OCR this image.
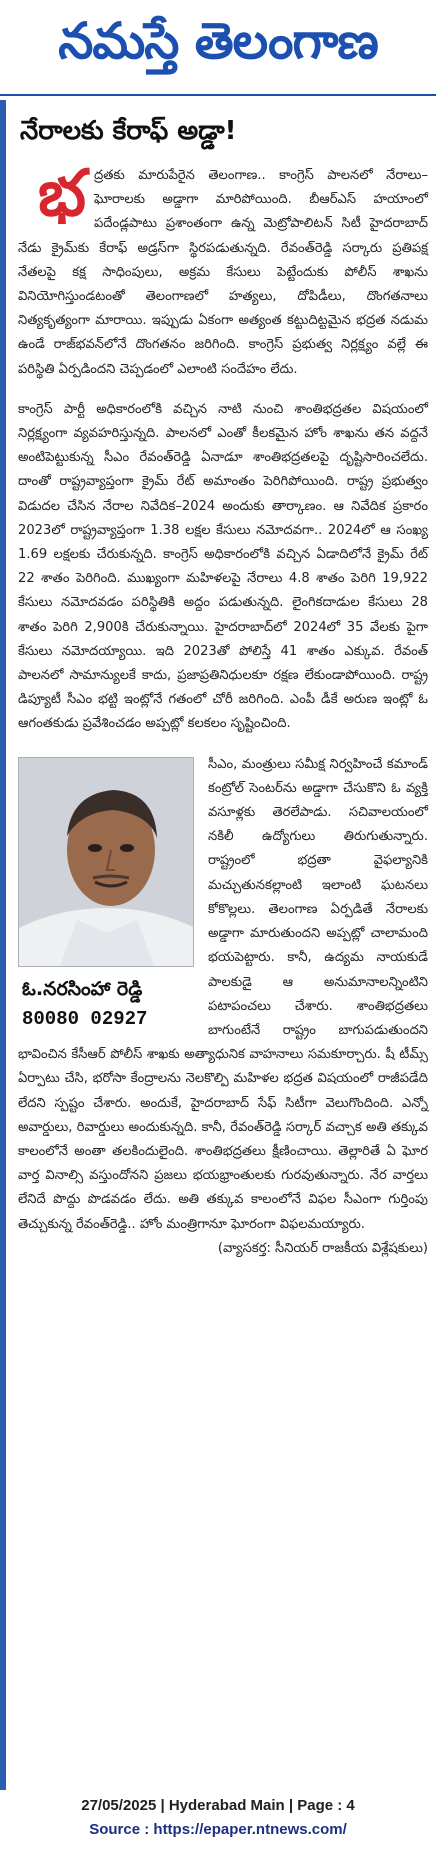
నమస్తే తెలంగాణ
నేరాలకు కేరాఫ్ అడ్డా!

భద్రతకు మారుపేరైన తెలంగాణ.. కాంగ్రెస్ పాలనలో నేరాలు–ఘోరాలకు అడ్డాగా మారిపోయింది. బీఆర్ఎస్ హయాంలో పదేండ్లపాటు ప్రశాంతంగా ఉన్న మెట్రోపాలిటన్ సిటీ హైదరాబాద్ నేడు క్రైమ్‌కు కేరాఫ్ అడ్రస్‌గా స్థిరపడుతున్నది. రేవంత్‌రెడ్డి సర్కారు ప్రతిపక్ష నేతలపై కక్ష సాధింపులు, అక్రమ కేసులు పెట్టేందుకు పోలీస్ శాఖను వినియోగిస్తుండటంతో తెలంగాణలో హత్యలు, దోపిడీలు, దొంగతనాలు నిత్యకృత్యంగా మారాయి. ఇప్పుడు ఏకంగా అత్యంత కట్టుదిట్టమైన భద్రత నడుమ ఉండే రాజ్‌భవన్‌లోనే దొంగతనం జరిగింది. కాంగ్రెస్ ప్రభుత్వ నిర్లక్ష్యం వల్లే ఈ పరిస్థితి ఏర్పడిందని చెప్పడంలో ఎలాంటి సందేహం లేదు.

కాంగ్రెస్ పార్టీ అధికారంలోకి వచ్చిన నాటి నుంచి శాంతిభద్రతల విషయంలో నిర్లక్ష్యంగా వ్యవహరిస్తున్నది. పాలనలో ఎంతో కీలకమైన హోం శాఖను తన వద్దనే అంటిపెట్టుకున్న సీఎం రేవంత్‌రెడ్డి ఏనాడూ శాంతిభద్రతలపై దృష్టిసారించలేదు. దాంతో రాష్ట్రవ్యాప్తంగా క్రైమ్ రేట్ అమాంతం పెరిగిపోయింది. రాష్ట్ర ప్రభుత్వం విడుదల చేసిన నేరాల నివేదిక–2024 అందుకు తార్కాణం. ఆ నివేదిక ప్రకారం 2023లో రాష్ట్రవ్యాప్తంగా 1.38 లక్షల కేసులు నమోదవగా.. 2024లో ఆ సంఖ్య 1.69 లక్షలకు చేరుకున్నది. కాంగ్రెస్ అధికారంలోకి వచ్చిన ఏడాదిలోనే క్రైమ్ రేట్ 22 శాతం పెరిగింది. ముఖ్యంగా మహిళలపై నేరాలు 4.8 శాతం పెరిగి 19,922 కేసులు నమోదవడం పరిస్థితికి అద్దం పడుతున్నది. లైంగికదాడుల కేసులు 28 శాతం పెరిగి 2,900కి చేరుకున్నాయి. హైదరాబాద్‌లో 2024లో 35 వేలకు పైగా కేసులు నమోదయ్యాయి. ఇది 2023తో పోలిస్తే 41 శాతం ఎక్కువ. రేవంత్ పాలనలో సామాన్యులకే కాదు, ప్రజాప్రతినిధులకూ రక్షణ లేకుండాపోయింది. రాష్ట్ర డిప్యూటీ సీఎం భట్టి ఇంట్లోనే గతంలో చోరీ జరిగింది. ఎంపీ డీకే అరుణ ఇంట్లో ఓ ఆగంతకుడు ప్రవేశించడం అప్పట్లో కలకలం సృష్టించింది.

ఓ.నరసింహా రెడ్డి
80080 02927
సీఎం, మంత్రులు సమీక్ష నిర్వహించే కమాండ్ కంట్రోల్ సెంటర్‌ను అడ్డాగా చేసుకొని ఓ వ్యక్తి వసూళ్లకు తెరలేపాడు. సచివాలయంలో నకిలీ ఉద్యోగులు తిరుగుతున్నారు. రాష్ట్రంలో భద్రతా వైఫల్యానికి మచ్చుతునకల్లాంటి ఇలాంటి ఘటనలు కోకొల్లలు. తెలంగాణ ఏర్పడితే నేరాలకు అడ్డాగా మారుతుందని అప్పట్లో చాలామంది భయపెట్టారు. కానీ, ఉద్యమ నాయకుడే పాలకుడై ఆ అనుమానాలన్నింటిని పటాపంచలు చేశారు. శాంతిభద్రతలు బాగుంటేనే రాష్ట్రం బాగుపడుతుందని భావించిన కేసీఆర్ పోలీస్ శాఖకు అత్యాధునిక వాహనాలు సమకూర్చారు. షీ టీమ్స్ ఏర్పాటు చేసి, భరోసా కేంద్రాలను నెలకొల్పి మహిళల భద్రత విషయంలో రాజీపడేది లేదని స్పష్టం చేశారు. అందుకే, హైదరాబాద్ సేఫ్ సిటీగా వెలుగొందింది. ఎన్నో అవార్డులు, రివార్డులు అందుకున్నది. కానీ, రేవంత్‌రెడ్డి సర్కార్ వచ్చాక అతి తక్కువ కాలంలోనే అంతా తలకిందులైంది. శాంతిభద్రతలు క్షీణించాయి. తెల్లారితే ఏ ఘోర వార్త వినాల్సి వస్తుందోనని ప్రజలు భయభ్రాంతులకు గురవుతున్నారు. నేర వార్తలు లేనిదే పొద్దు పొడవడం లేదు. అతి తక్కువ కాలంలోనే విఫల సీఎంగా గుర్తింపు తెచ్చుకున్న రేవంత్‌రెడ్డి.. హోం మంత్రిగానూ ఘోరంగా విఫలమయ్యారు.
(వ్యాసకర్త: సీనియర్ రాజకీయ విశ్లేషకులు)
27/05/2025 | Hyderabad Main | Page : 4
Source : https://epaper.ntnews.com/
